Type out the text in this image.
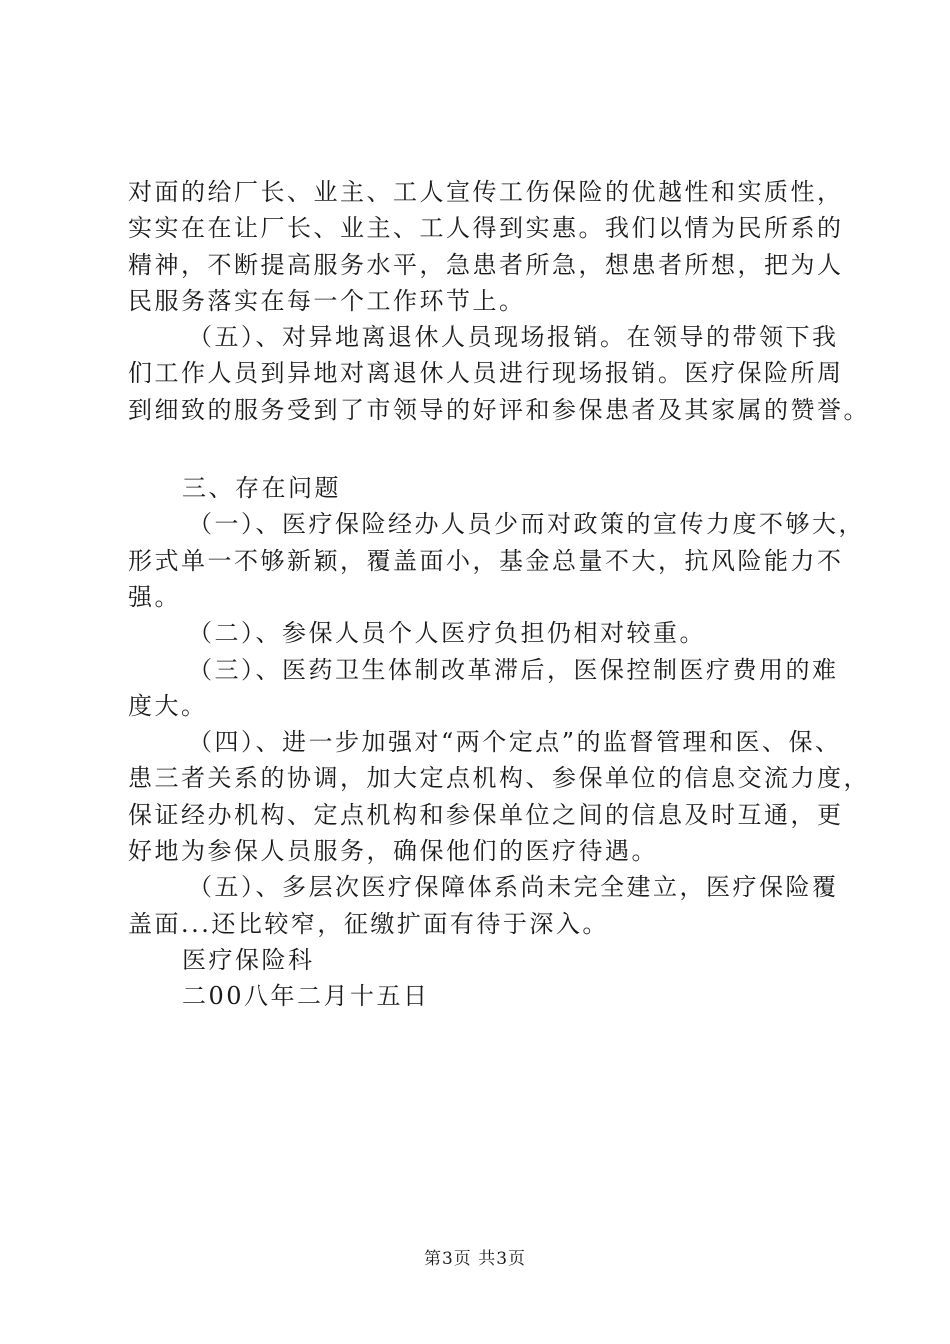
对面的给厂长、业主、工人宣传工伤保险的优越性和实质性，
实实在在让厂长、业主、工人得到实惠。我们以情为民所系的
精神，不断提高服务水平，急患者所急，想患者所想，把为人
民服务落实在每一个工作环节上。
（五）、对异地离退休人员现场报销。在领导的带领下我
们工作人员到异地对离退休人员进行现场报销。医疗保险所周
到细致的服务受到了市领导的好评和参保患者及其家属的赞誉。
三、存在问题
（一）、医疗保险经办人员少而对政策的宣传力度不够大，
形式单一不够新颖，覆盖面小，基金总量不大，抗风险能力不
强。
（二）、参保人员个人医疗负担仍相对较重。
（三）、医药卫生体制改革滞后，医保控制医疗费用的难
度大。
（四）、进一步加强对“两个定点”的监督管理和医、保、
患三者关系的协调，加大定点机构、参保单位的信息交流力度，
保证经办机构、定点机构和参保单位之间的信息及时互通，更
好地为参保人员服务，确保他们的医疗待遇。
（五）、多层次医疗保障体系尚未完全建立，医疗保险覆
盖面...还比较窄，征缴扩面有待于深入。
医疗保险科
二00八年二月十五日
第3页 共3页
